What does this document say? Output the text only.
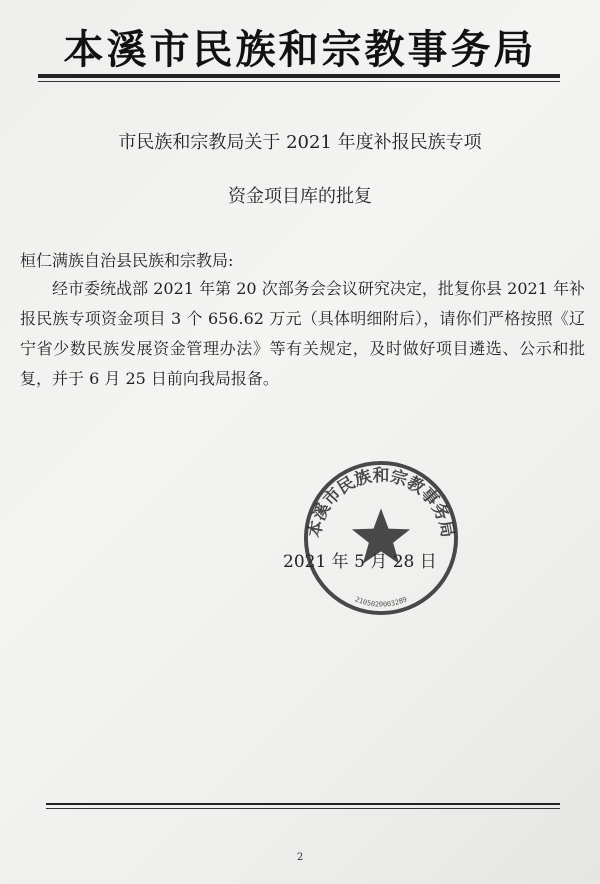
本溪市民族和宗教事务局
市民族和宗教局关于 2021 年度补报民族专项
资金项目库的批复
桓仁满族自治县民族和宗教局:
经市委统战部 2021 年第 20 次部务会会议研究决定，批复你县 2021 年补报民族专项资金项目 3 个 656.62 万元（具体明细附后），请你们严格按照《辽宁省少数民族发展资金管理办法》等有关规定，及时做好项目遴选、公示和批复，并于 6 月 25 日前向我局报备。
2021 年 5 月 28 日
本溪市民族和宗教事务局
2105020003289
2
